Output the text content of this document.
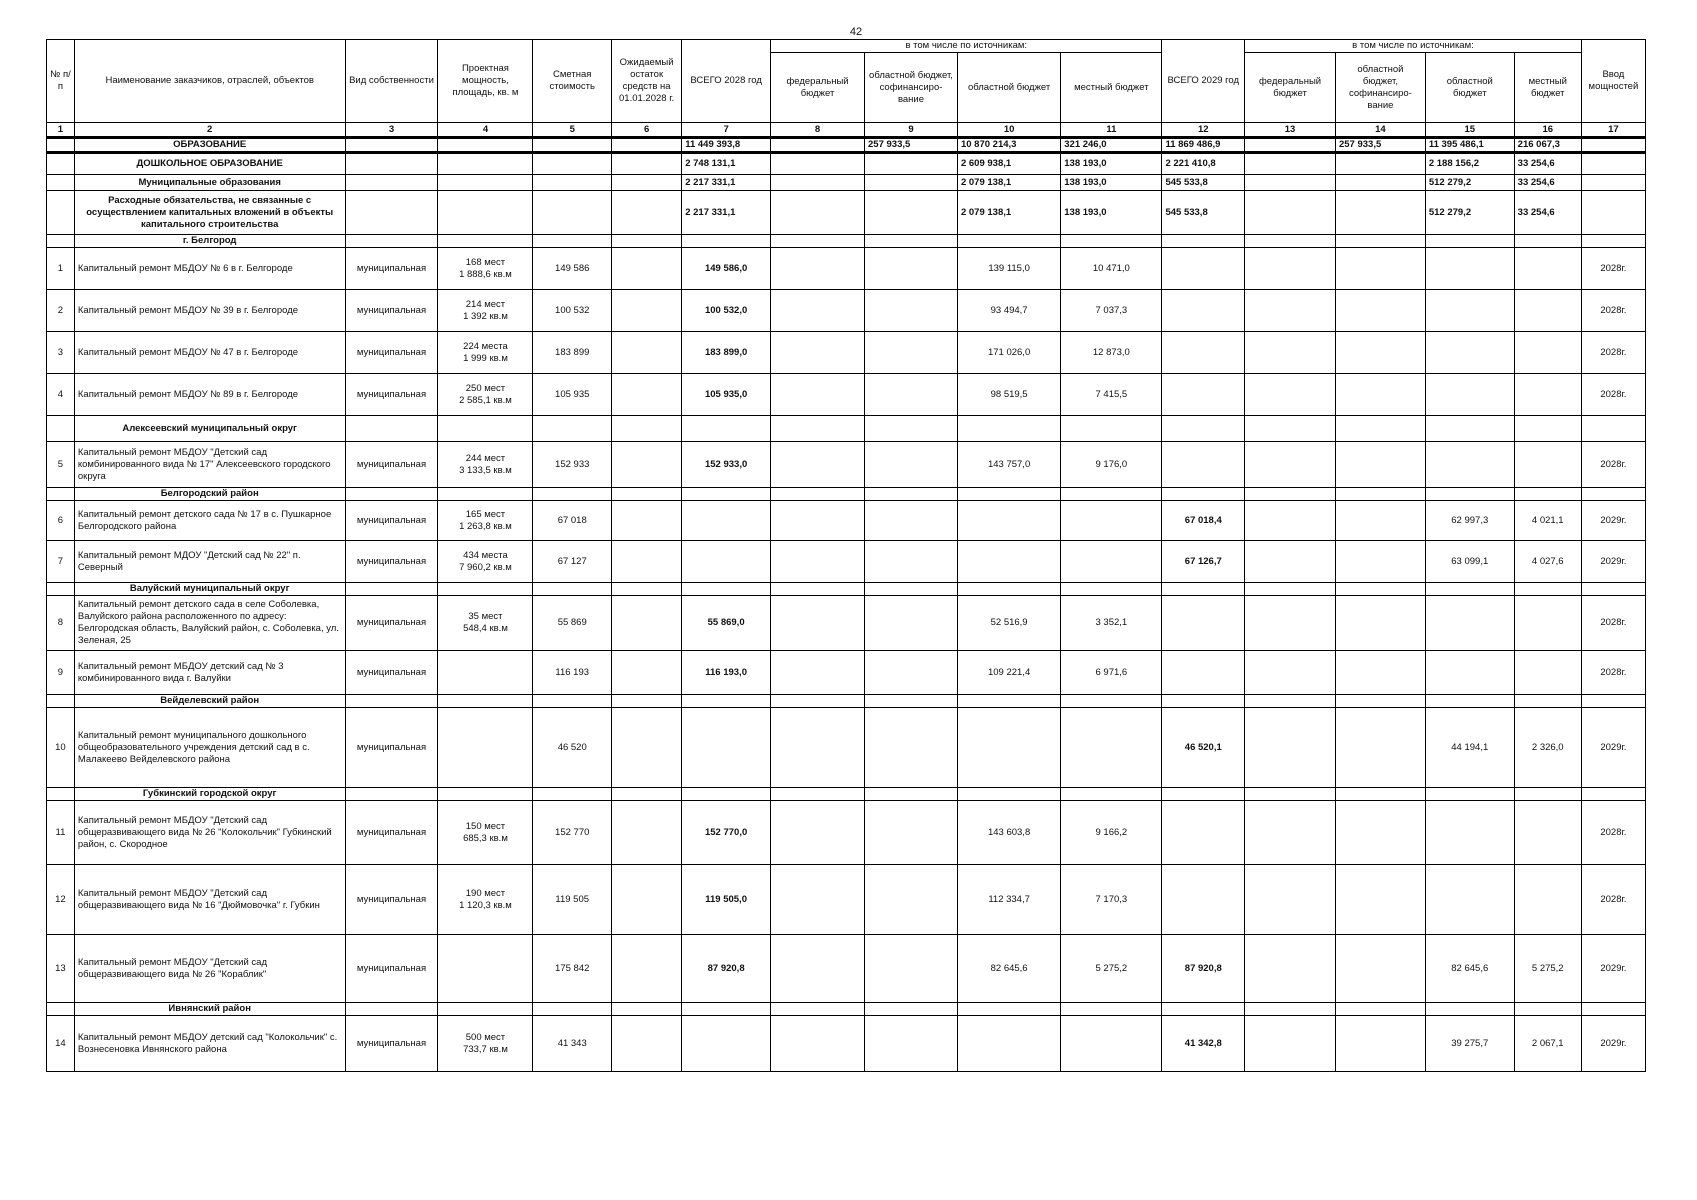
42
№ п/п	Наименование заказчиков, отраслей, объектов	Вид собственности	Проектная мощность, площадь, кв. м	Сметная стоимость	Ожидаемый остаток средств на 01.01.2028 г.	ВСЕГО 2028 год	в том числе по источникам:				ВСЕГО 2029 год	в том числе по источникам:				Ввод мощностей
							федеральный бюджет	областной бюджет, софинансиро-вание	областной бюджет	местный бюджет		федеральный бюджет	областной бюджет, софинансиро-вание	областной бюджет	местный бюджет	
1	2	3	4	5	6	7	8	9	10	11	12	13	14	15	16	17
	ОБРАЗОВАНИЕ					11 449 393,8		257 933,5	10 870 214,3	321 246,0	11 869 486,9		257 933,5	11 395 486,1	216 067,3	
	ДОШКОЛЬНОЕ ОБРАЗОВАНИЕ					2 748 131,1			2 609 938,1	138 193,0	2 221 410,8			2 188 156,2	33 254,6	
	Муниципальные образования					2 217 331,1			2 079 138,1	138 193,0	545 533,8			512 279,2	33 254,6	
	Расходные обязательства, не связанные с осуществлением капитальных вложений в объекты капитального строительства					2 217 331,1			2 079 138,1	138 193,0	545 533,8			512 279,2	33 254,6	
	г. Белгород															
1	Капитальный ремонт МБДОУ № 6 в г. Белгороде	муниципальная	168 мест
1 888,6 кв.м	149 586		149 586,0			139 115,0	10 471,0						2028г.
2	Капитальный ремонт МБДОУ № 39 в г. Белгороде	муниципальная	214 мест
1 392 кв.м	100 532		100 532,0			93 494,7	7 037,3						2028г.
3	Капитальный ремонт МБДОУ № 47 в г. Белгороде	муниципальная	224 места
1 999 кв.м	183 899		183 899,0			171 026,0	12 873,0						2028г.
4	Капитальный ремонт МБДОУ № 89 в г. Белгороде	муниципальная	250 мест
2 585,1 кв.м	105 935		105 935,0			98 519,5	7 415,5						2028г.
	Алексеевский муниципальный округ															
5	Капитальный ремонт МБДОУ "Детский сад комбинированного вида № 17" Алексеевского городского округа	муниципальная	244 мест
3 133,5 кв.м	152 933		152 933,0			143 757,0	9 176,0						2028г.
	Белгородский район															
6	Капитальный ремонт детского сада № 17 в с. Пушкарное Белгородского района	муниципальная	165 мест
1 263,8 кв.м	67 018							67 018,4			62 997,3	4 021,1	2029г.
7	Капитальный ремонт МДОУ "Детский сад № 22" п. Северный	муниципальная	434 места
7 960,2 кв.м	67 127							67 126,7			63 099,1	4 027,6	2029г.
	Валуйский муниципальный округ															
8	Капитальный ремонт детского сада в селе Соболевка, Валуйского района расположенного по адресу: Белгородская область, Валуйский район, с. Соболевка, ул. Зеленая, 25	муниципальная	35 мест
548,4 кв.м	55 869		55 869,0			52 516,9	3 352,1						2028г.
9	Капитальный ремонт МБДОУ детский сад № 3 комбинированного вида г. Валуйки	муниципальная		116 193		116 193,0			109 221,4	6 971,6						2028г.
	Вейделевский район															
10	Капитальный ремонт муниципального дошкольного общеобразовательного учреждения детский сад в с. Малакеево Вейделевского района	муниципальная		46 520							46 520,1			44 194,1	2 326,0	2029г.
	Губкинский городской округ															
11	Капитальный ремонт МБДОУ "Детский сад общеразвивающего вида № 26 "Колокольчик" Губкинский район, с. Скородное	муниципальная	150 мест
685,3 кв.м	152 770		152 770,0			143 603,8	9 166,2						2028г.
12	Капитальный ремонт МБДОУ "Детский сад общеразвивающего вида № 16 "Дюймовочка" г. Губкин	муниципальная	190 мест
1 120,3 кв.м	119 505		119 505,0			112 334,7	7 170,3						2028г.
13	Капитальный ремонт МБДОУ "Детский сад общеразвивающего вида № 26 "Кораблик"	муниципальная		175 842		87 920,8			82 645,6	5 275,2	87 920,8			82 645,6	5 275,2	2029г.
	Ивнянский район															
14	Капитальный ремонт МБДОУ детский сад "Колокольчик" с. Вознесеновка Ивнянского района	муниципальная	500 мест
733,7 кв.м	41 343							41 342,8			39 275,7	2 067,1	2029г.
